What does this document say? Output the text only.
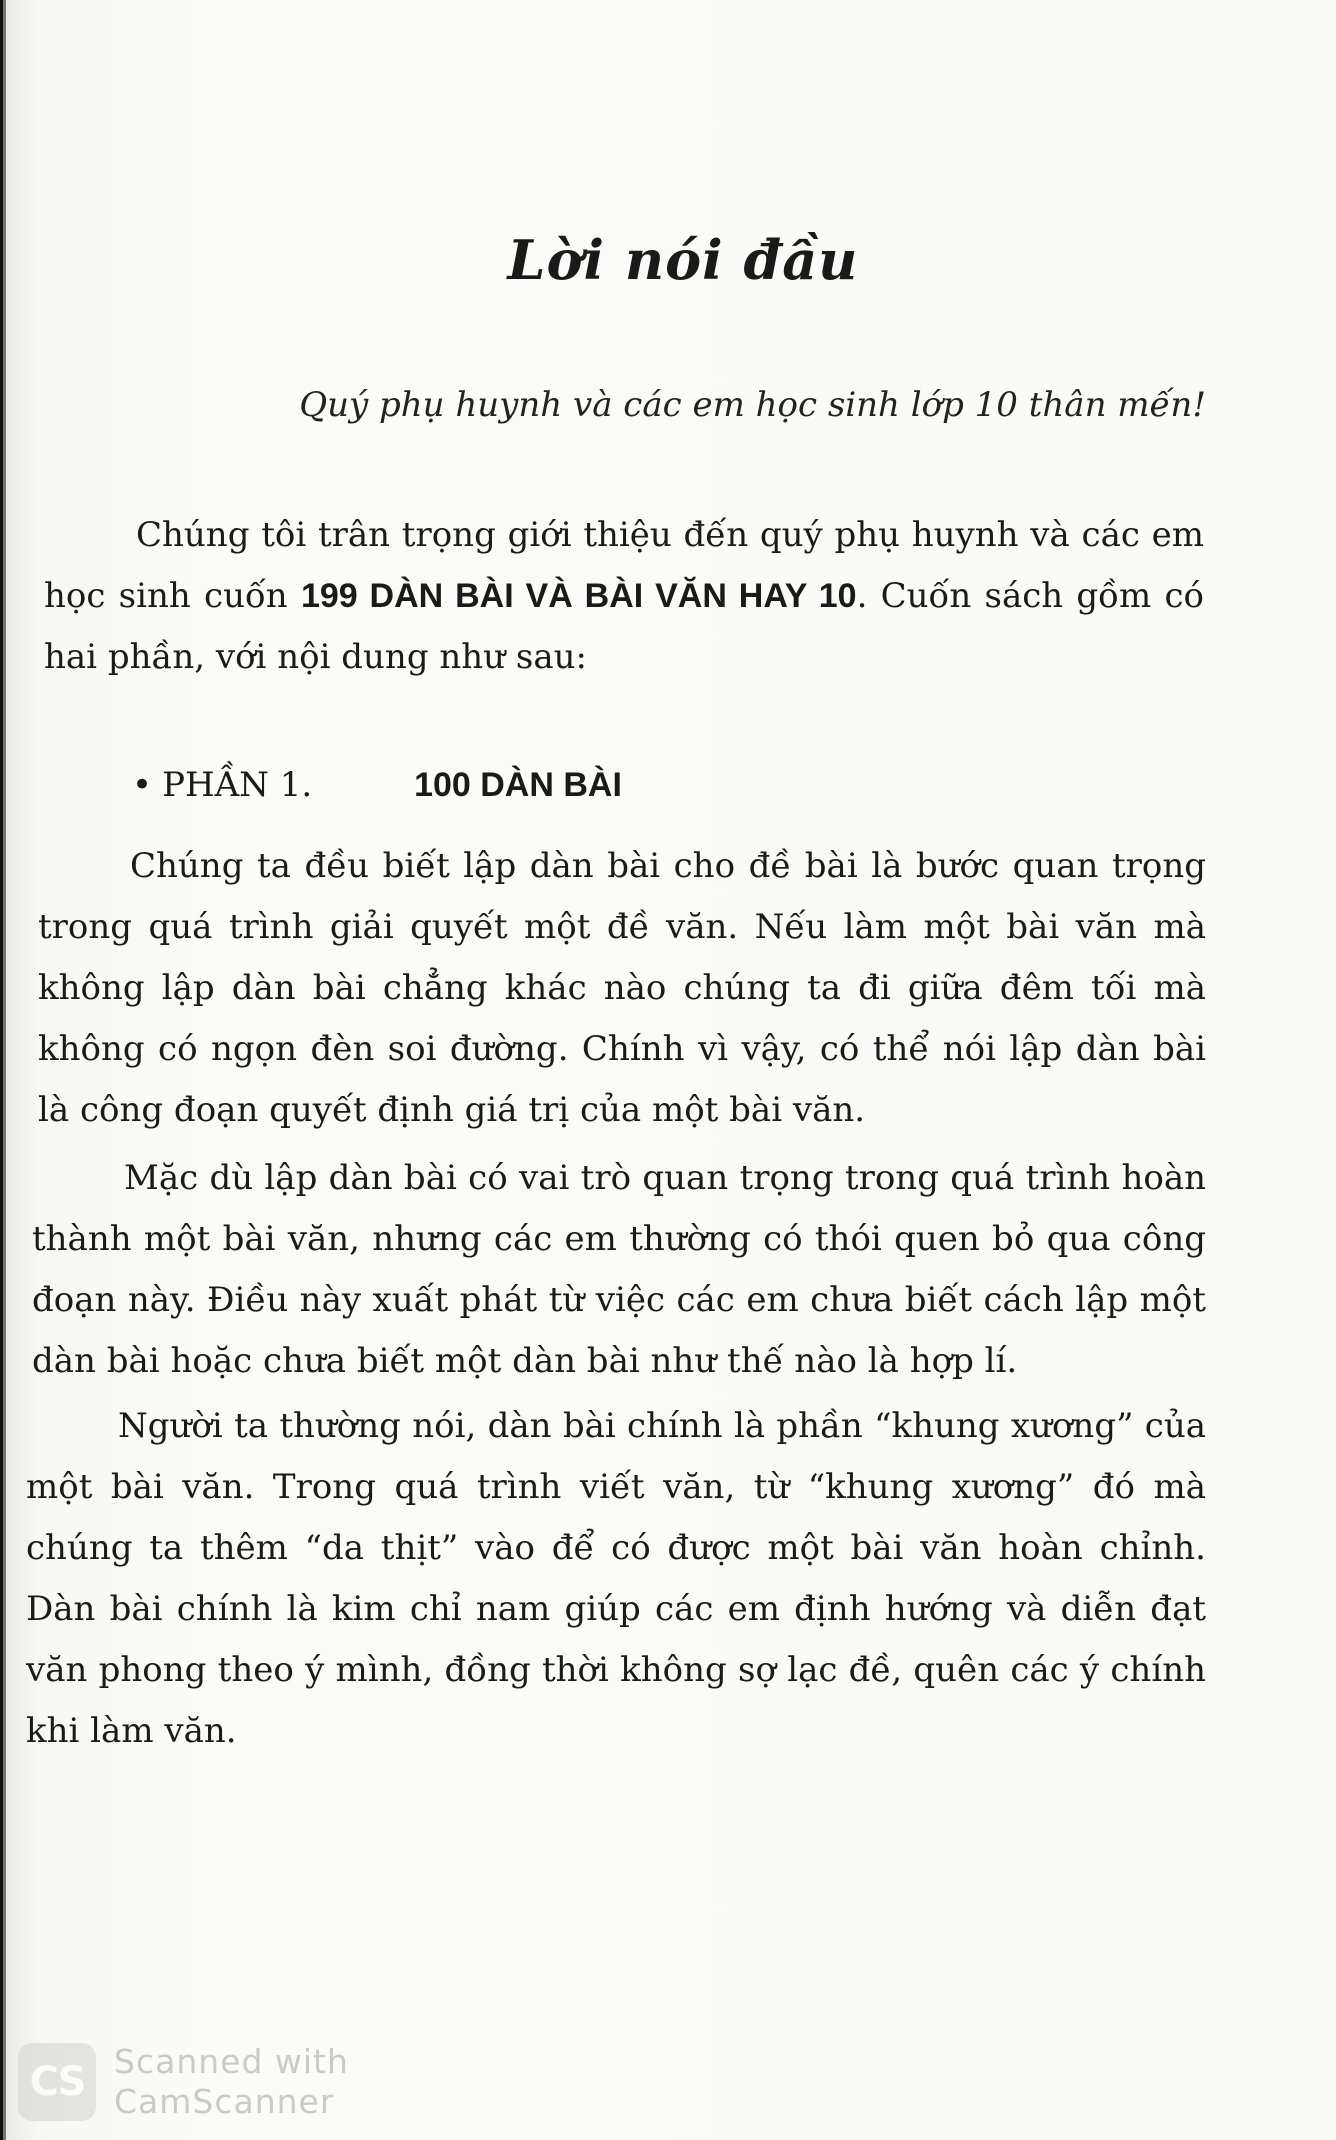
Lời nói đầu
Quý phụ huynh và các em học sinh lớp 10 thân mến!
Chúng tôi trân trọng giới thiệu đến quý phụ huynh và các em học sinh cuốn 199 DÀN BÀI VÀ BÀI VĂN HAY 10. Cuốn sách gồm có hai phần, với nội dung như sau:
• PHẦN 1.	100 DÀN BÀI
Chúng ta đều biết lập dàn bài cho đề bài là bước quan trọng trong quá trình giải quyết một đề văn. Nếu làm một bài văn mà không lập dàn bài chẳng khác nào chúng ta đi giữa đêm tối mà không có ngọn đèn soi đường. Chính vì vậy, có thể nói lập dàn bài là công đoạn quyết định giá trị của một bài văn.
Mặc dù lập dàn bài có vai trò quan trọng trong quá trình hoàn thành một bài văn, nhưng các em thường có thói quen bỏ qua công đoạn này. Điều này xuất phát từ việc các em chưa biết cách lập một dàn bài hoặc chưa biết một dàn bài như thế nào là hợp lí.
Người ta thường nói, dàn bài chính là phần “khung xương” của một bài văn. Trong quá trình viết văn, từ “khung xương” đó mà chúng ta thêm “da thịt” vào để có được một bài văn hoàn chỉnh. Dàn bài chính là kim chỉ nam giúp các em định hướng và diễn đạt văn phong theo ý mình, đồng thời không sợ lạc đề, quên các ý chính khi làm văn.
CS Scanned with
CamScanner
